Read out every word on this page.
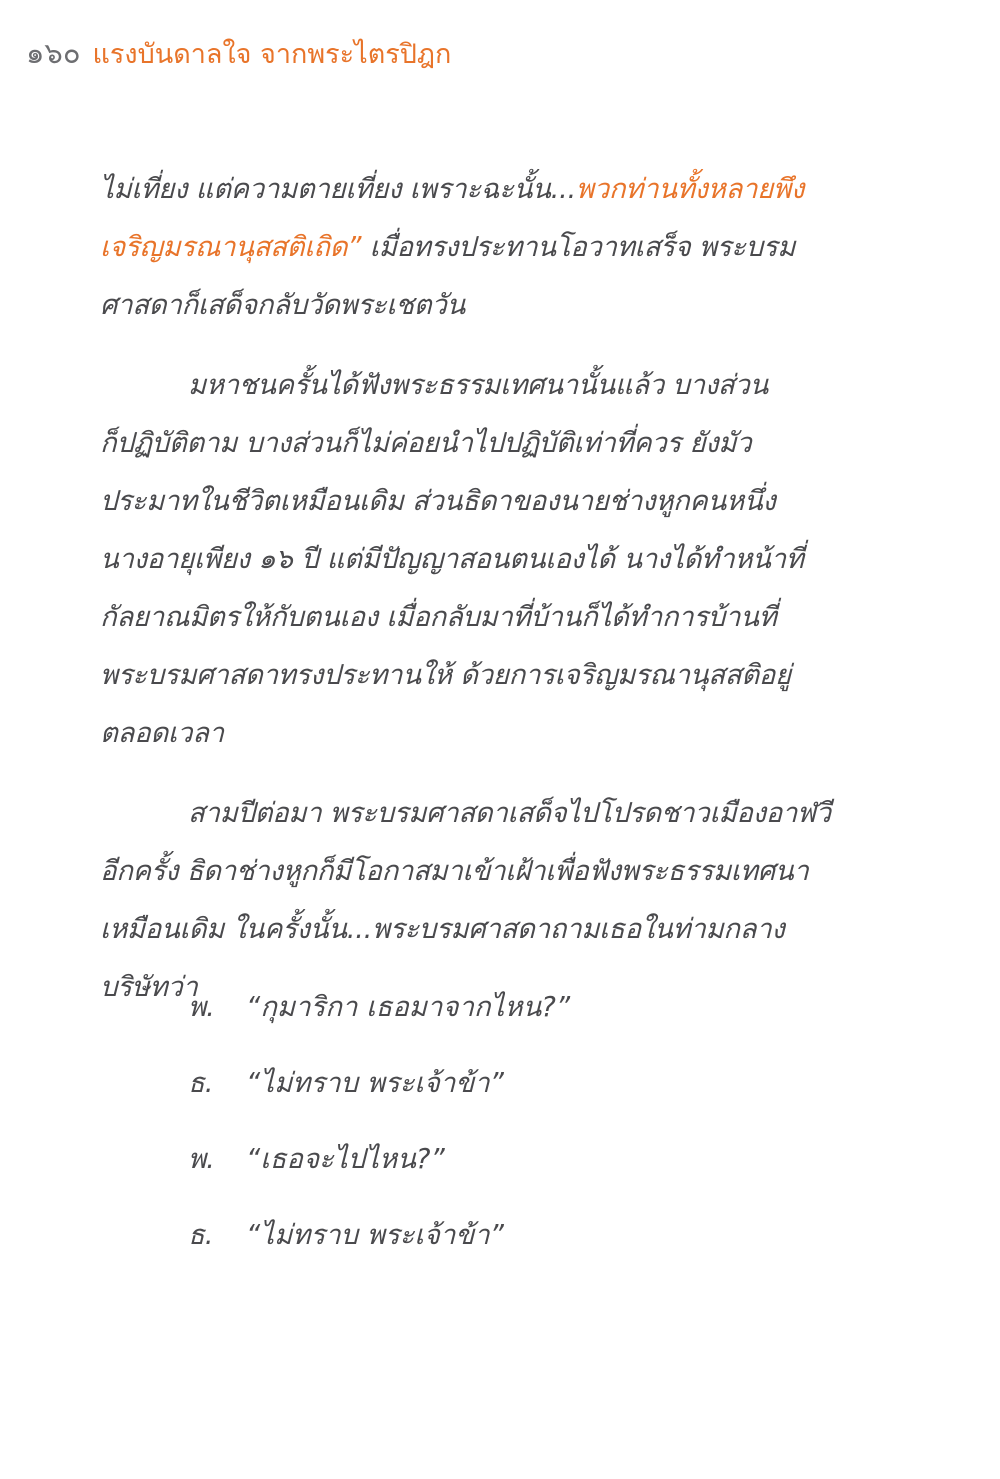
๑๖๐ แรงบันดาลใจ จากพระไตรปิฎก
ไม่เที่ยง แต่ความตายเที่ยง เพราะฉะนั้น...พวกท่านทั้งหลายพึง
เจริญมรณานุสสติเถิด” เมื่อทรงประทานโอวาทเสร็จ พระบรม
ศาสดาก็เสด็จกลับวัดพระเชตวัน
มหาชนครั้นได้ฟังพระธรรมเทศนานั้นแล้ว บางส่วน
ก็ปฏิบัติตาม บางส่วนก็ไม่ค่อยนำไปปฏิบัติเท่าที่ควร ยังมัว
ประมาทในชีวิตเหมือนเดิม ส่วนธิดาของนายช่างหูกคนหนึ่ง
นางอายุเพียง ๑๖ ปี แต่มีปัญญาสอนตนเองได้ นางได้ทำหน้าที่
กัลยาณมิตรให้กับตนเอง เมื่อกลับมาที่บ้านก็ได้ทำการบ้านที่
พระบรมศาสดาทรงประทานให้ ด้วยการเจริญมรณานุสสติอยู่
ตลอดเวลา
สามปีต่อมา พระบรมศาสดาเสด็จไปโปรดชาวเมืองอาฬวี
อีกครั้ง ธิดาช่างหูกก็มีโอกาสมาเข้าเฝ้าเพื่อฟังพระธรรมเทศนา
เหมือนเดิม ในครั้งนั้น...พระบรมศาสดาถามเธอในท่ามกลาง
บริษัทว่า
พ.	“กุมาริกา เธอมาจากไหน?”
ธ.	“ไม่ทราบ พระเจ้าข้า”
พ.	“เธอจะไปไหน?”
ธ.	“ไม่ทราบ พระเจ้าข้า”
